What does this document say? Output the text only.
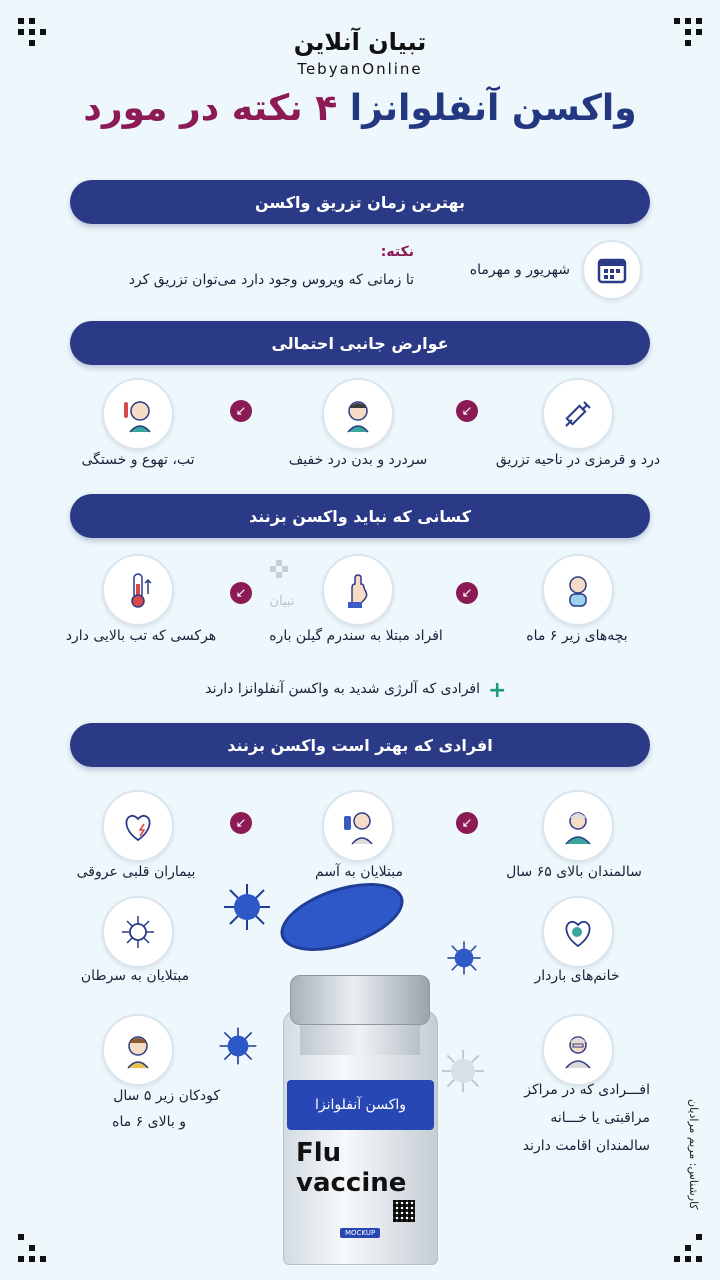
تبیان آنلاین
TebyanOnline
واکسن آنفلوانزا ۴ نکته در مورد
بهترین زمان تزریق واکسن
شهریور و مهرماه
نکته:
تا زمانی که ویروس وجود دارد می‌توان تزریق کرد
عوارض جانبی احتمالی
درد و قرمزی در ناحیه تزریق
↙
سردرد و بدن درد خفیف
↙
تب، تهوع و خستگی
کسانی که نباید واکسن بزنند
بچه‌های زیر ۶ ماه
↙
تبیان
افراد مبتلا به سندرم گیلن باره
↙
هرکسی که تب بالایی دارد
+
افرادی که آلرژی شدید به واکسن آنفلوانزا دارند
افرادی که بهتر است واکسن بزنند
سالمندان بالای ۶۵ سال
↙
مبتلایان به آسم
↙
بیماران قلبی عروقی
خانم‌های باردار
مبتلایان به سرطان
کودکان زیر ۵ سال
و بالای ۶ ماه
افـــرادی که در مراکز
مراقبتی یا خـــانه
سالمندان اقامت دارند
واکسن آنفلوانزا
Flu
vaccine
MOCKUP
کارشناس: مریم مرادیان
